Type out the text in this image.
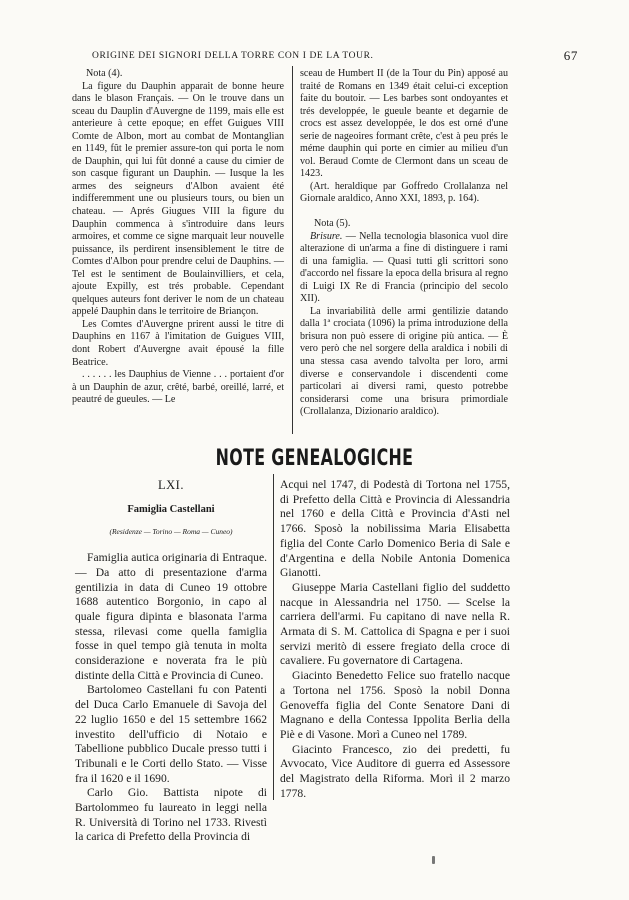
ORIGINE DEI SIGNORI DELLA TORRE CON I DE LA TOUR.	67

Nota (4).

La figure du Dauphin apparait de bonne heure dans le blason Français. — On le trouve dans un sceau du Dauplin d'Auvergne de 1199, mais elle est anterieure à cette epoque; en effet Guigues VIII Comte de Albon, mort au combat de Montanglian en 1149, fût le premier assure-ton qui porta le nom de Dauphin, qui lui fût donné a cause du cimier de son casque figurant un Dauphin. — Iusque la les armes des seigneurs d'Albon avaient été indifferemment une ou plusieurs tours, ou bien un chateau. — Aprés Giugues VIII la figure du Dauphin commenca à s'introduire dans leurs armoires, et comme ce signe marquait leur nouvelle puissance, ils perdirent insensiblement le titre de Comtes d'Albon pour prendre celui de Dauphins. — Tel est le sentiment de Boulainvilliers, et cela, ajoute Expilly, est trés probable. Cependant quelques auteurs font deriver le nom de un chateau appelé Dauphin dans le territoire de Briançon.

Les Comtes d'Auvergne prirent aussi le titre di Dauphins en 1167 à l'imitation de Guigues VIII, dont Robert d'Auvergne avait épousé la fille Beatrice.

. . . . . . les Dauphius de Vienne . . . portaient d'or à un Dauphin de azur, crêté, barbé, oreillé, larré, et peautré de gueules. — Le

sceau de Humbert II (de la Tour du Pin) apposé au traité de Romans en 1349 était celui-ci exception faite du boutoir. — Les barbes sont ondoyantes et trés developpée, le gueule beante et degarnie de crocs est assez developpée, le dos est orné d'une serie de nageoires formant crête, c'est à peu prés le méme dauphin qui porte en cimier au milieu d'un vol. Beraud Comte de Clermont dans un sceau de 1423.

(Art. heraldique par Goffredo Crollalanza nel Giornale araldico, Anno XXI, 1893, p. 164).

Nota (5).

Brisure. — Nella tecnologia blasonica vuol dire alterazione di un'arma a fine di distinguere i rami di una famiglia. — Quasi tutti gli scrittori sono d'accordo nel fissare la epoca della brisura al regno di Luigi IX Re di Francia (principio del secolo XII).

La invariabilità delle armi gentilizie datando dalla 1ª crociata (1096) la prima introduzione della brisura non può essere di origine più antica. — È vero però che nel sorgere della araldica i nobili di una stessa casa avendo talvolta per loro, armi diverse e conservandole i discendenti come particolari ai diversi rami, questo potrebbe considerarsi come una brisura primordiale (Crollalanza, Dizionario araldico).

NOTE GENEALOGICHE

LXI.

Famiglia Castellani

(Residenze — Torino — Roma — Cuneo)

Famiglia autica originaria di Entraque. — Da atto di presentazione d'arma gentilizia in data di Cuneo 19 ottobre 1688 autentico Borgonio, in capo al quale figura dipinta e blasonata l'arma stessa, rilevasi come quella famiglia fosse in quel tempo già tenuta in molta considerazione e noverata fra le più distinte della Città e Provincia di Cuneo.

Bartolomeo Castellani fu con Patenti del Duca Carlo Emanuele di Savoja del 22 luglio 1650 e del 15 settembre 1662 investito dell'ufficio di Notaio e Tabellione pubblico Ducale presso tutti i Tribunali e le Corti dello Stato. — Visse fra il 1620 e il 1690.

Carlo Gio. Battista nipote di Bartolommeo fu laureato in leggi nella R. Università di Torino nel 1733. Rivestì la carica di Prefetto della Provincia di

Acqui nel 1747, di Podestà di Tortona nel 1755, di Prefetto della Città e Provincia di Alessandria nel 1760 e della Città e Provincia d'Asti nel 1766. Sposò la nobilissima Maria Elisabetta figlia del Conte Carlo Domenico Beria di Sale e d'Argentina e della Nobile Antonia Domenica Gianotti.

Giuseppe Maria Castellani figlio del suddetto nacque in Alessandria nel 1750. — Scelse la carriera dell'armi. Fu capitano di nave nella R. Armata di S. M. Cattolica di Spagna e per i suoi servizi meritò di essere fregiato della croce di cavaliere. Fu governatore di Cartagena.

Giacinto Benedetto Felice suo fratello nacque a Tortona nel 1756. Sposò la nobil Donna Genoveffa figlia del Conte Senatore Dani di Magnano e della Contessa Ippolita Berlia della Piè e di Vasone. Morì a Cuneo nel 1789.

Giacinto Francesco, zio dei predetti, fu Avvocato, Vice Auditore di guerra ed Assessore del Magistrato della Riforma. Morì il 2 marzo 1778.
